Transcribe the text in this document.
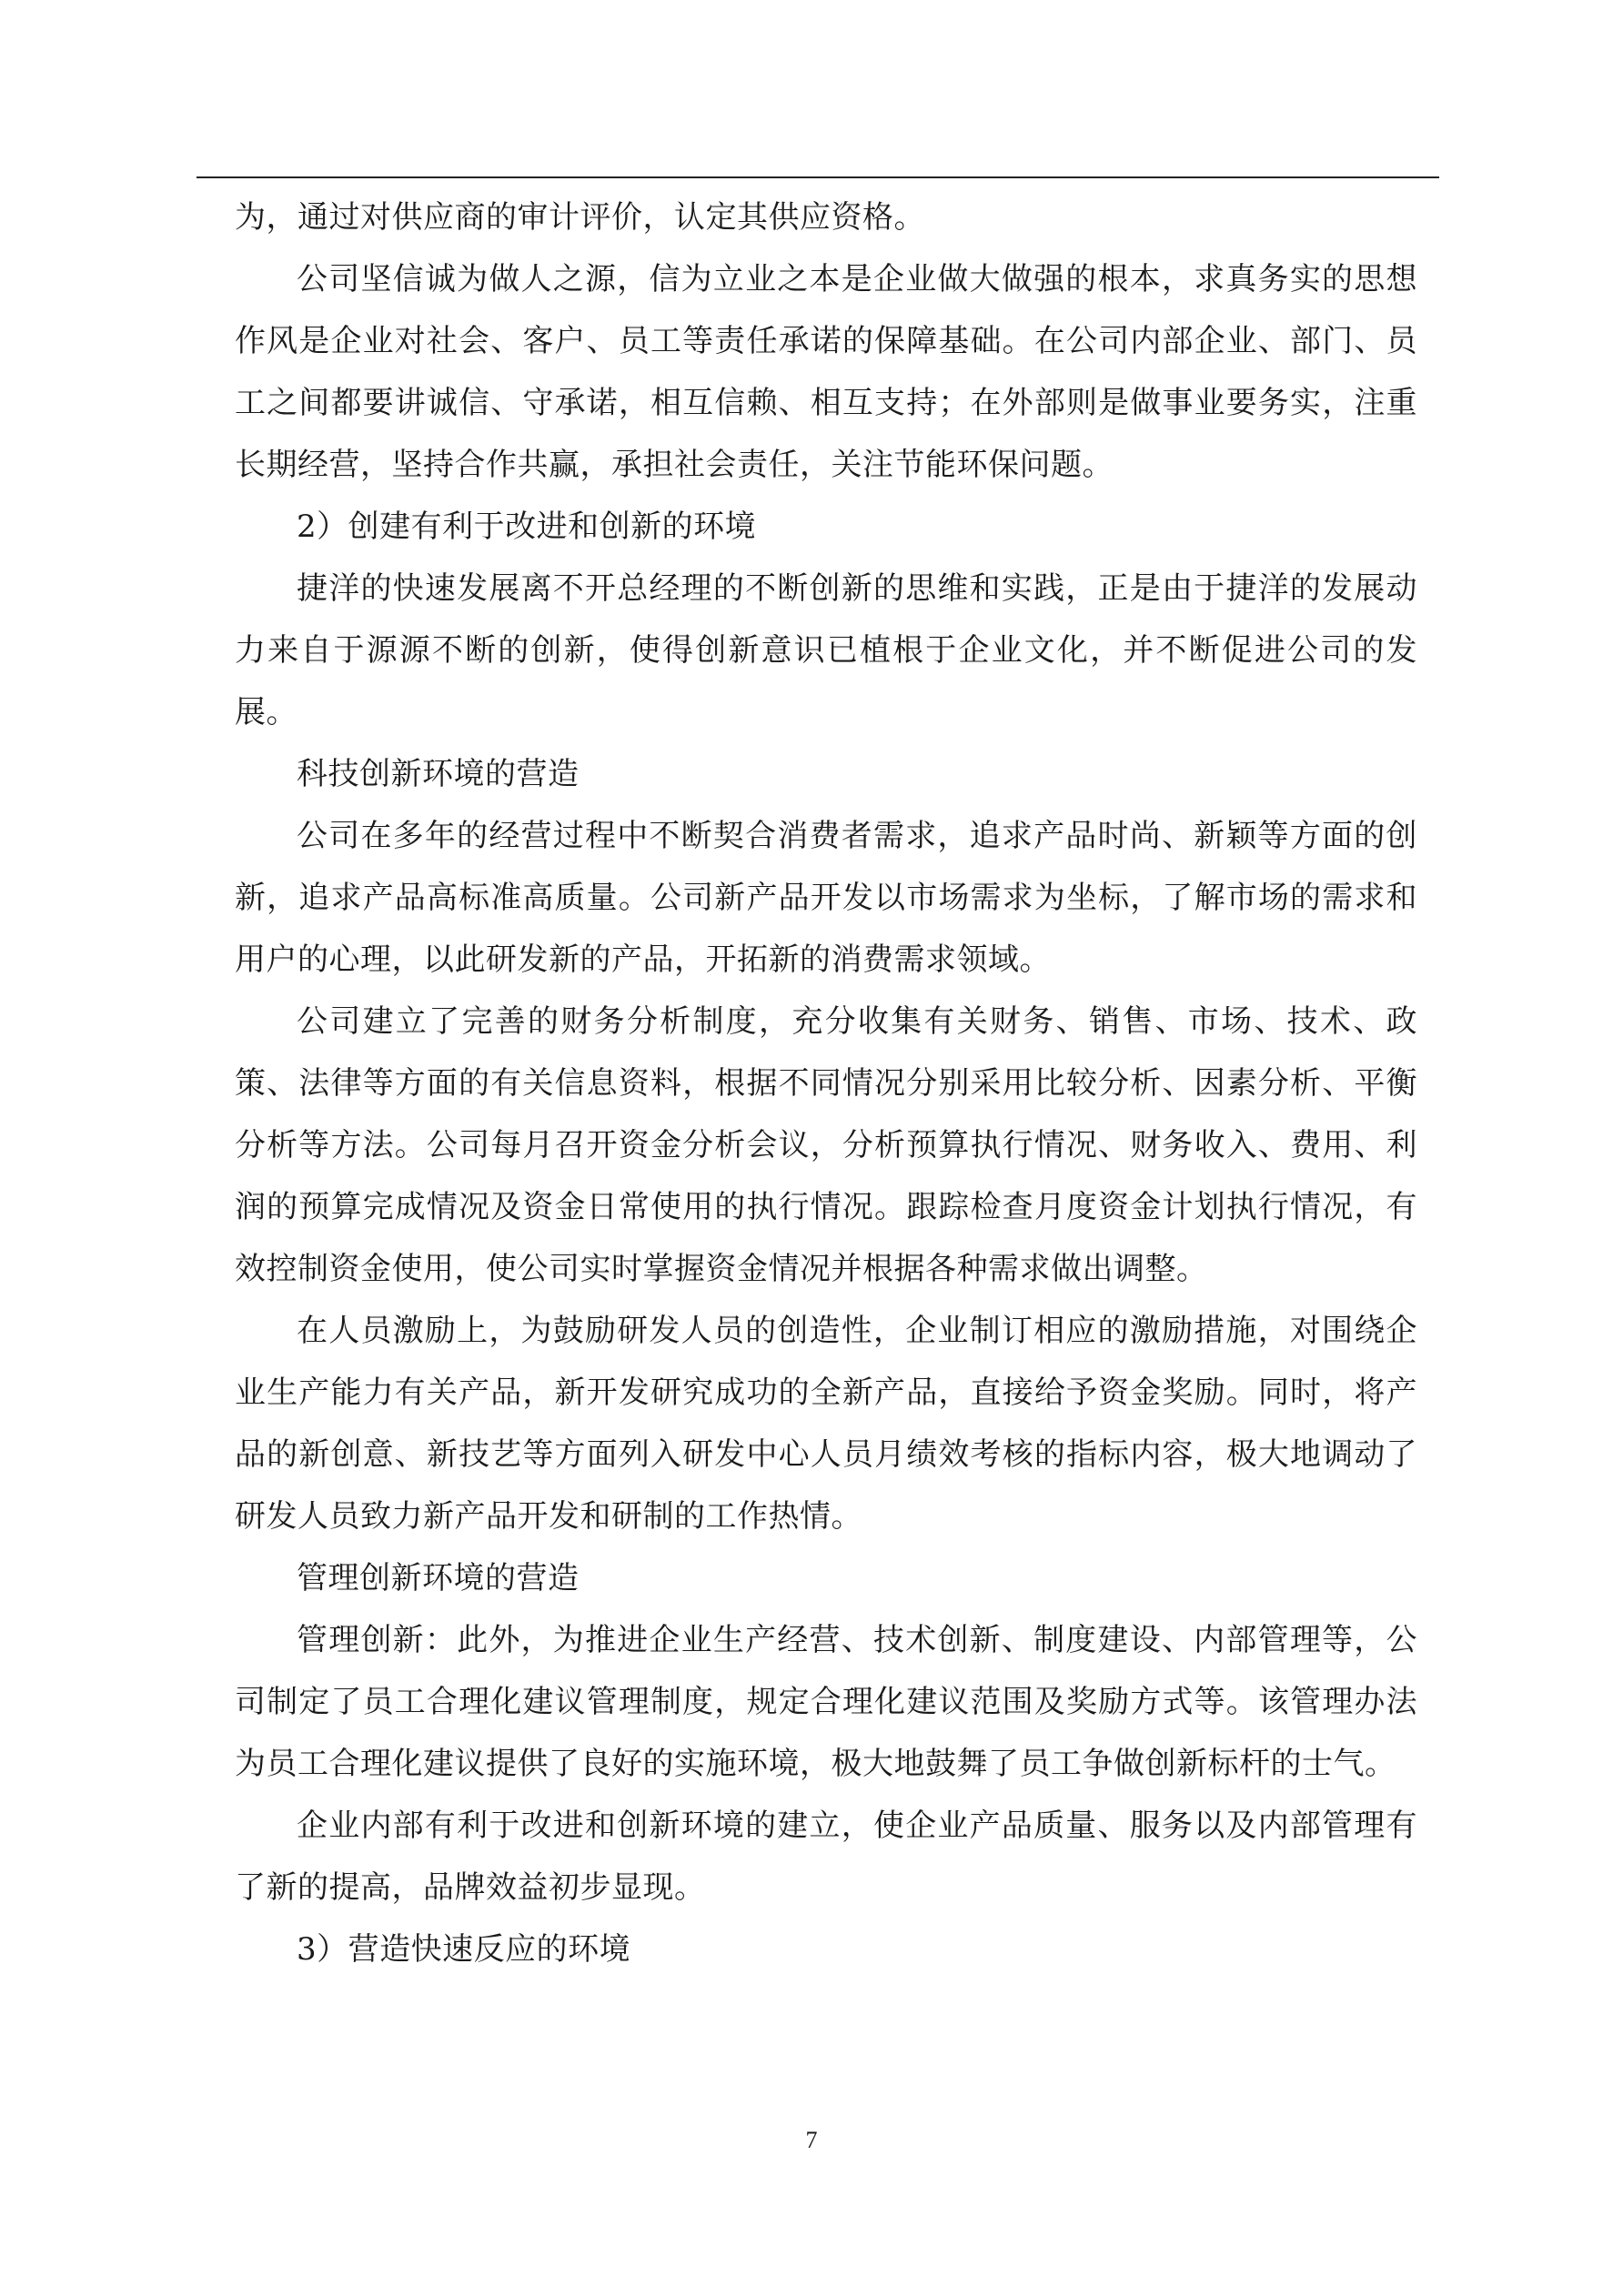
为，通过对供应商的审计评价，认定其供应资格。

公司坚信诚为做人之源，信为立业之本是企业做大做强的根本，求真务实的思想作风是企业对社会、客户、员工等责任承诺的保障基础。在公司内部企业、部门、员工之间都要讲诚信、守承诺，相互信赖、相互支持；在外部则是做事业要务实，注重长期经营，坚持合作共赢，承担社会责任，关注节能环保问题。

2）创建有利于改进和创新的环境

捷洋的快速发展离不开总经理的不断创新的思维和实践，正是由于捷洋的发展动力来自于源源不断的创新，使得创新意识已植根于企业文化，并不断促进公司的发展。

科技创新环境的营造

公司在多年的经营过程中不断契合消费者需求，追求产品时尚、新颖等方面的创新，追求产品高标准高质量。公司新产品开发以市场需求为坐标，了解市场的需求和用户的心理，以此研发新的产品，开拓新的消费需求领域。

公司建立了完善的财务分析制度，充分收集有关财务、销售、市场、技术、政策、法律等方面的有关信息资料，根据不同情况分别采用比较分析、因素分析、平衡分析等方法。公司每月召开资金分析会议，分析预算执行情况、财务收入、费用、利润的预算完成情况及资金日常使用的执行情况。跟踪检查月度资金计划执行情况，有效控制资金使用，使公司实时掌握资金情况并根据各种需求做出调整。

在人员激励上，为鼓励研发人员的创造性，企业制订相应的激励措施，对围绕企业生产能力有关产品，新开发研究成功的全新产品，直接给予资金奖励。同时，将产品的新创意、新技艺等方面列入研发中心人员月绩效考核的指标内容，极大地调动了研发人员致力新产品开发和研制的工作热情。

管理创新环境的营造

管理创新：此外，为推进企业生产经营、技术创新、制度建设、内部管理等，公司制定了员工合理化建议管理制度，规定合理化建议范围及奖励方式等。该管理办法为员工合理化建议提供了良好的实施环境，极大地鼓舞了员工争做创新标杆的士气。

企业内部有利于改进和创新环境的建立，使企业产品质量、服务以及内部管理有了新的提高，品牌效益初步显现。

3）营造快速反应的环境

7
